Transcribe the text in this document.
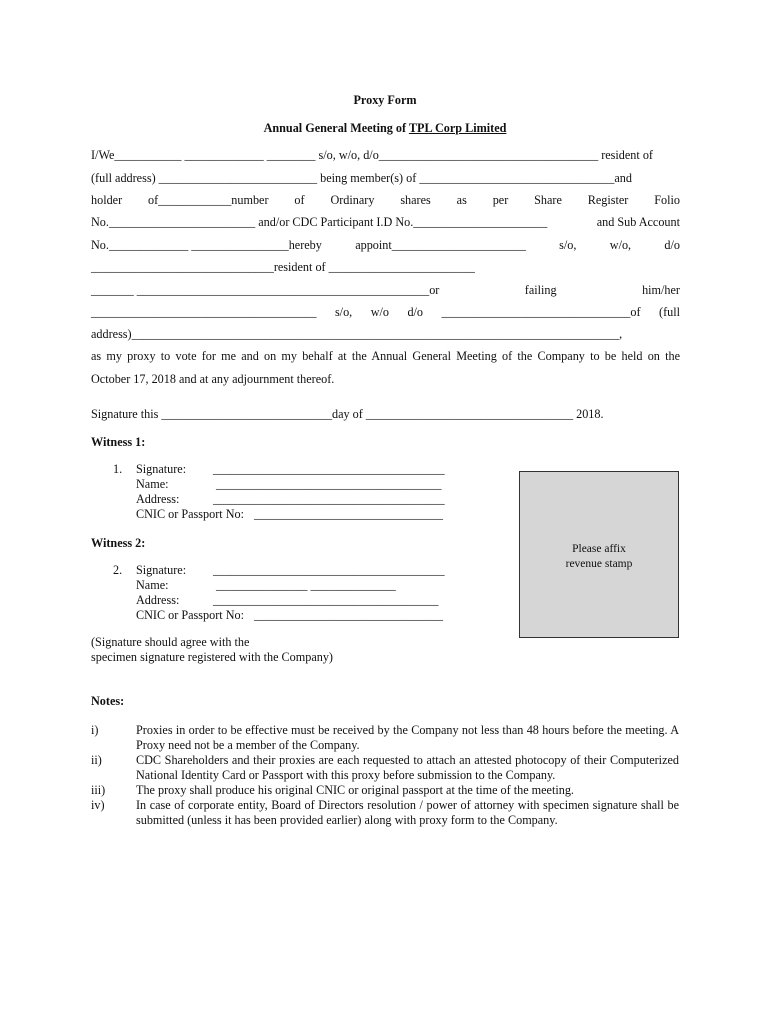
Proxy Form
Annual General Meeting of TPL Corp Limited
I/We___________ _____________ ________ s/o, w/o, d/o____________________________________ resident of
(full address) __________________________ being member(s) of ________________________________and
holder of____________number of Ordinary shares as per Share Register Folio
No.________________________ and/or CDC Participant I.D No.______________________	and Sub Account
No._____________ ________________hereby	appoint______________________	s/o,	w/o,	d/o
______________________________resident of ________________________
_______ ________________________________________________or	failing	him/her
_____________________________________ s/o, w/o d/o _______________________________of (full
address)________________________________________________________________________________,
as my proxy to vote for me and on my behalf at the Annual General Meeting of the Company to be held on the
October 17, 2018 and at any adjournment thereof.
Signature this ____________________________day of __________________________________ 2018.
Witness 1:
1. Signature: ______________________________________
Name:	_____________________________________
Address:	______________________________________
CNIC or Passport No: _______________________________
Witness 2:
2. Signature: ______________________________________
Name:	_______________ ______________
Address:	_____________________________________
CNIC or Passport No: _______________________________
Please affix
revenue stamp
(Signature should agree with the
specimen signature registered with the Company)
Notes:
i)	Proxies in order to be effective must be received by the Company not less than 48 hours before the meeting. A Proxy need not be a member of the Company.
ii)	CDC Shareholders and their proxies are each requested to attach an attested photocopy of their Computerized National Identity Card or Passport with this proxy before submission to the Company.
iii)	The proxy shall produce his original CNIC or original passport at the time of the meeting.
iv)	In case of corporate entity, Board of Directors resolution / power of attorney with specimen signature shall be submitted (unless it has been provided earlier) along with proxy form to the Company.
